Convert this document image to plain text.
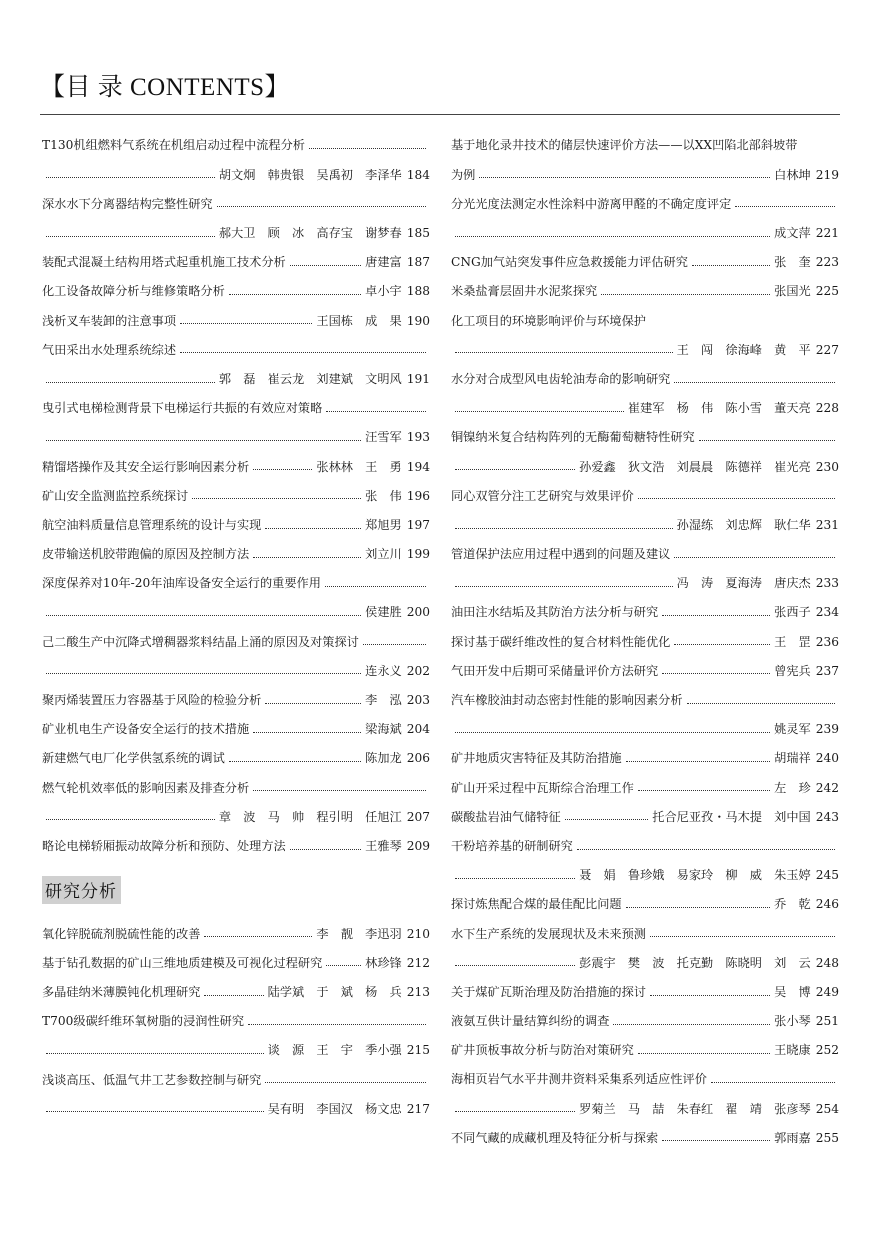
【目 录 CONTENTS】
T130机组燃料气系统在机组启动过程中流程分析
胡文炯　韩贵银　吴禹初　李泽华 184
深水水下分离器结构完整性研究
郝大卫　顾　冰　高存宝　谢梦春 185
装配式混凝土结构用塔式起重机施工技术分析	唐建富 187
化工设备故障分析与维修策略分析	卓小宇 188
浅析叉车装卸的注意事项	王国栋　成　果 190
气田采出水处理系统综述
郭　磊　崔云龙　刘建斌　文明风 191
曳引式电梯检测背景下电梯运行共振的有效应对策略
汪雪军 193
精馏塔操作及其安全运行影响因素分析	张林林　王　勇 194
矿山安全监测监控系统探讨	张　伟 196
航空油料质量信息管理系统的设计与实现	郑旭男 197
皮带输送机胶带跑偏的原因及控制方法	刘立川 199
深度保养对10年-20年油库设备安全运行的重要作用
侯建胜 200
己二酸生产中沉降式增稠器浆料结晶上涌的原因及对策探讨
连永义 202
聚丙烯装置压力容器基于风险的检验分析	李　泓 203
矿业机电生产设备安全运行的技术措施	梁海斌 204
新建燃气电厂化学供氢系统的调试	陈加龙 206
燃气轮机效率低的影响因素及排查分析
章　波　马　帅　程引明　任旭江 207
略论电梯轿厢振动故障分析和预防、处理方法	王雅琴 209
研究分析
氧化锌脱硫剂脱硫性能的改善	李　靓　李迅羽 210
基于钻孔数据的矿山三维地质建模及可视化过程研究	林珍锋 212
多晶硅纳米薄膜钝化机理研究	陆学斌　于　斌　杨　兵 213
T700级碳纤维环氧树脂的浸润性研究
谈　源　王　宇　季小强 215
浅谈高压、低温气井工艺参数控制与研究
吴有明　李国汉　杨文忠 217
基于地化录井技术的储层快速评价方法——以XX凹陷北部斜坡带
为例	白林坤 219
分光光度法测定水性涂料中游离甲醛的不确定度评定
成文萍 221
CNG加气站突发事件应急救援能力评估研究	张　奎 223
米桑盐膏层固井水泥浆探究	张国光 225
化工项目的环境影响评价与环境保护
王　闯　徐海峰　黄　平 227
水分对合成型风电齿轮油寿命的影响研究
崔建军　杨　伟　陈小雪　董天亮 228
铜镍纳米复合结构阵列的无酶葡萄糖特性研究
孙爱鑫　狄文浩　刘晨晨　陈德祥　崔光亮 230
同心双管分注工艺研究与效果评价
孙湿练　刘忠辉　耿仁华 231
管道保护法应用过程中遇到的问题及建议
冯　涛　夏海涛　唐庆杰 233
油田注水结垢及其防治方法分析与研究	张西子 234
探讨基于碳纤维改性的复合材料性能优化	王　罡 236
气田开发中后期可采储量评价方法研究	曾宪兵 237
汽车橡胶油封动态密封性能的影响因素分析
姚灵军 239
矿井地质灾害特征及其防治措施	胡瑞祥 240
矿山开采过程中瓦斯综合治理工作	左　珍 242
碳酸盐岩油气储特征	托合尼亚孜・马木提　刘中国 243
干粉培养基的研制研究
聂　娟　鲁珍娥　易家玲　柳　威　朱玉婷 245
探讨炼焦配合煤的最佳配比问题	乔　乾 246
水下生产系统的发展现状及未来预测
彭震宇　樊　波　托克勤　陈晓明　刘　云 248
关于煤矿瓦斯治理及防治措施的探讨	吴　博 249
液氨互供计量结算纠纷的调查	张小琴 251
矿井顶板事故分析与防治对策研究	王晓康 252
海相页岩气水平井测井资料采集系列适应性评价
罗菊兰　马　喆　朱春红　翟　靖　张彦琴 254
不同气藏的成藏机理及特征分析与探索	郭雨嘉 255
